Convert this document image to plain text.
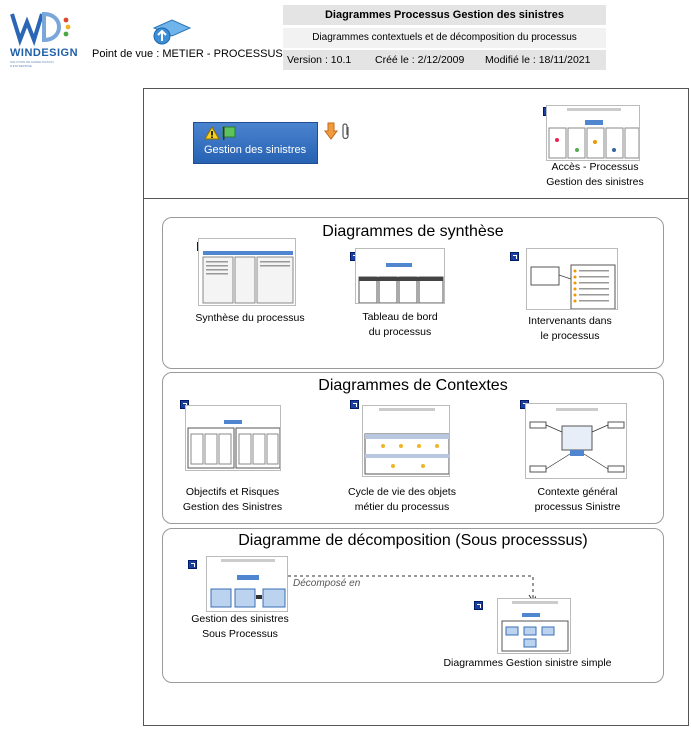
WINDESIGN
SOLUTION DE MODELISATION D'ENTREPRISE
Point de vue : METIER - PROCESSUS
Diagrammes Processus Gestion des sinistres
Diagrammes contextuels et de décomposition du processus
Version : 10.1 Créé le : 2/12/2009 Modifié le : 18/11/2021
Gestion des sinistres
Accès - Processus
Gestion des sinistres
Diagrammes de synthèse
Synthèse du processus	Tableau de bord
du processus
Intervenants dans
le processus
Diagrammes de Contextes
Objectifs et Risques
Gestion des Sinistres
Cycle de vie des objets
métier du processus
Contexte général
processus Sinistre
Diagramme de décomposition (Sous processsus)
Gestion des sinistres
Sous Processus
Décomposé en
Diagrammes Gestion sinistre simple
